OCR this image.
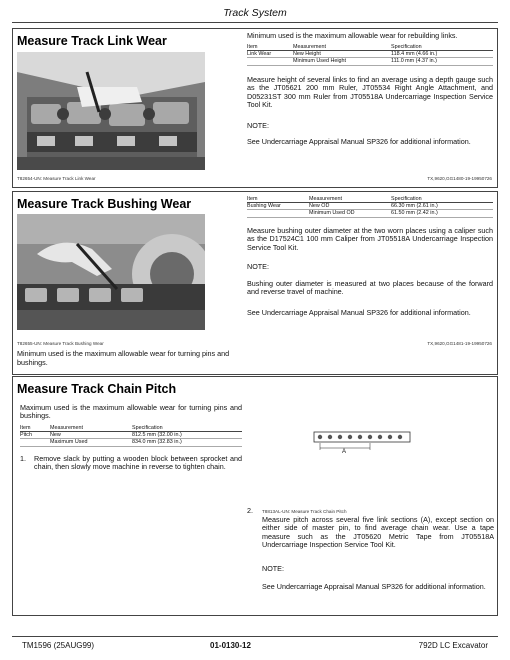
Track System
Measure Track Link Wear
T82654-UN: Measure Track Link Wear
Minimum used is the maximum allowable wear for rebuilding links.
Item	Measurement	Specification
Link Wear	New Height	118.4 mm (4.66 in.)
	Minimum Used Height	111.0 mm (4.37 in.)
Measure height of several links to find an average using a depth gauge such as the JT05621 200 mm Ruler, JT05534 Right Angle Attachment, and D05231ST 300 mm Ruler from JT05518A Undercarriage Inspection Service Tool Kit.
NOTE:
See Undercarriage Appraisal Manual SP326 for additional information.
TX,9620,GG1480-19-19950726
Measure Track Bushing Wear
T82655-UN: Measure Track Bushing Wear
Minimum used is the maximum allowable wear for turning pins and bushings.
Item	Measurement	Specification
Bushing Wear	New OD	66.30 mm (2.61 in.)
	Minimum Used OD	61.50 mm (2.42 in.)
Measure bushing outer diameter at the two worn places using a caliper such as the D17524C1 100 mm Caliper from JT05518A Undercarriage Inspection Service Tool Kit.
NOTE:
Bushing outer diameter is measured at two places because of the forward and reverse travel of machine.
See Undercarriage Appraisal Manual SP326 for additional information.
TX,9620,GG1481-19-19950726
Measure Track Chain Pitch
Maximum used is the maximum allowable wear for turning pins and bushings.
Item	Measurement	Specification
Pitch	New	812.5 mm (32.00 in.)
	Maximum Used	834.0 mm (32.83 in.)
1.	Remove slack by putting a wooden block between sprocket and chain, then slowly move machine in reverse to tighten chain.
A
2.	T8813AL-UN: Measure Track Chain Pitch
Measure pitch across several five link sections (A), except section on either side of master pin, to find average chain wear. Use a tape measure such as the JT05620 Metric Tape from JT05518A Undercarriage Inspection Service Tool Kit.
NOTE:
See Undercarriage Appraisal Manual SP326 for additional information.
TM1596 (25AUG99)	01-0130-12	792D LC Excavator
